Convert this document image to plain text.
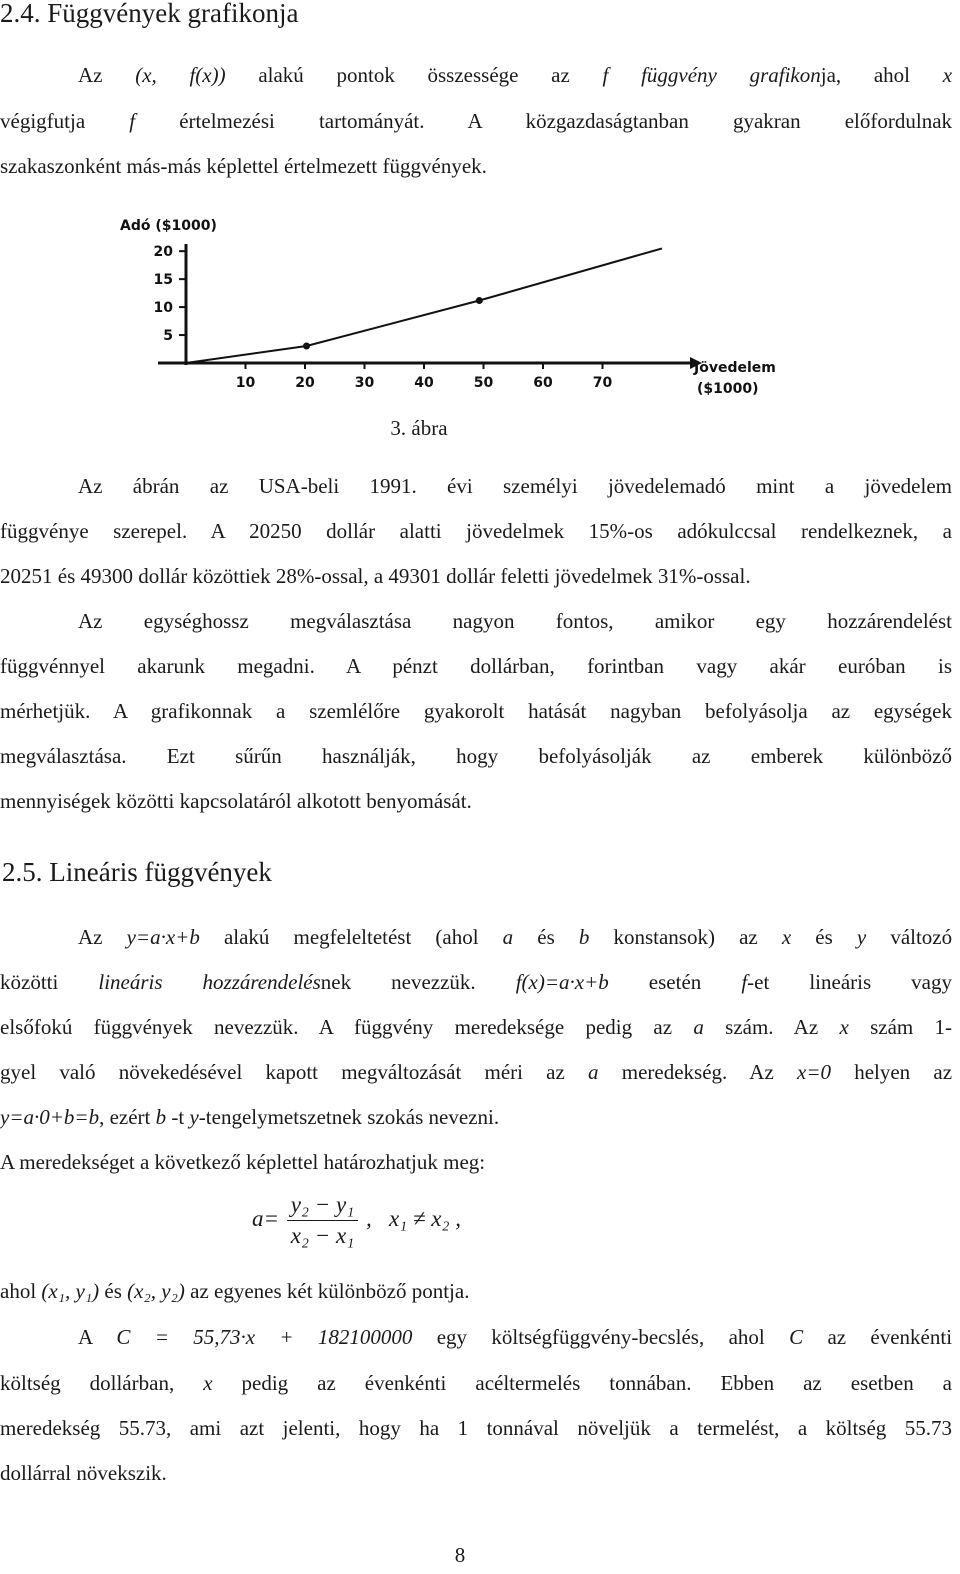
2.4. Függvények grafikonja
Az (x, f(x)) alakú pontok összessége az f függvény grafikonja, ahol x
végigfutja f értelmezési tartományát. A közgazdaságtanban gyakran előfordulnak
szakaszonként más-más képlettel értelmezett függvények.
Adó ($1000)
20
15
10
5
10	20	30	40	50	60	70
Jövedelem
($1000)
3. ábra
Az ábrán az USA-beli 1991. évi személyi jövedelemadó mint a jövedelem
függvénye szerepel. A 20250 dollár alatti jövedelmek 15%-os adókulccsal rendelkeznek, a
20251 és 49300 dollár közöttiek 28%-ossal, a 49301 dollár feletti jövedelmek 31%-ossal.
Az egységhossz megválasztása nagyon fontos, amikor egy hozzárendelést
függvénnyel akarunk megadni. A pénzt dollárban, forintban vagy akár euróban is
mérhetjük. A grafikonnak a szemlélőre gyakorolt hatását nagyban befolyásolja az egységek
megválasztása. Ezt sűrűn használják, hogy befolyásolják az emberek különböző
mennyiségek közötti kapcsolatáról alkotott benyomását.
2.5. Lineáris függvények
Az y=a·x+b alakú megfeleltetést (ahol a és b konstansok) az x és y változó
közötti lineáris hozzárendelésnek nevezzük. f(x)=a·x+b esetén f-et lineáris vagy
elsőfokú függvények nevezzük. A függvény meredeksége pedig az a szám. Az x szám 1-
gyel való növekedésével kapott megváltozását méri az a meredekség. Az x=0 helyen az
y=a·0+b=b, ezért b -t y-tengelymetszetnek szokás nevezni.
A meredekséget a következő képlettel határozhatjuk meg:
$a= \frac{\text{y₂ − y₁}}{\text{x₂ − x₁}}$ ,   x₁ ≠ x₂ ,
ahol (x₁, y₁) és (x₂, y₂) az egyenes két különböző pontja.
A C = 55,73·x + 182100000 egy költségfüggvény-becslés, ahol C az évenkénti
költség dollárban, x pedig az évenkénti acéltermelés tonnában. Ebben az esetben a
meredekség 55.73, ami azt jelenti, hogy ha 1 tonnával növeljük a termelést, a költség 55.73
dollárral növekszik.
8
